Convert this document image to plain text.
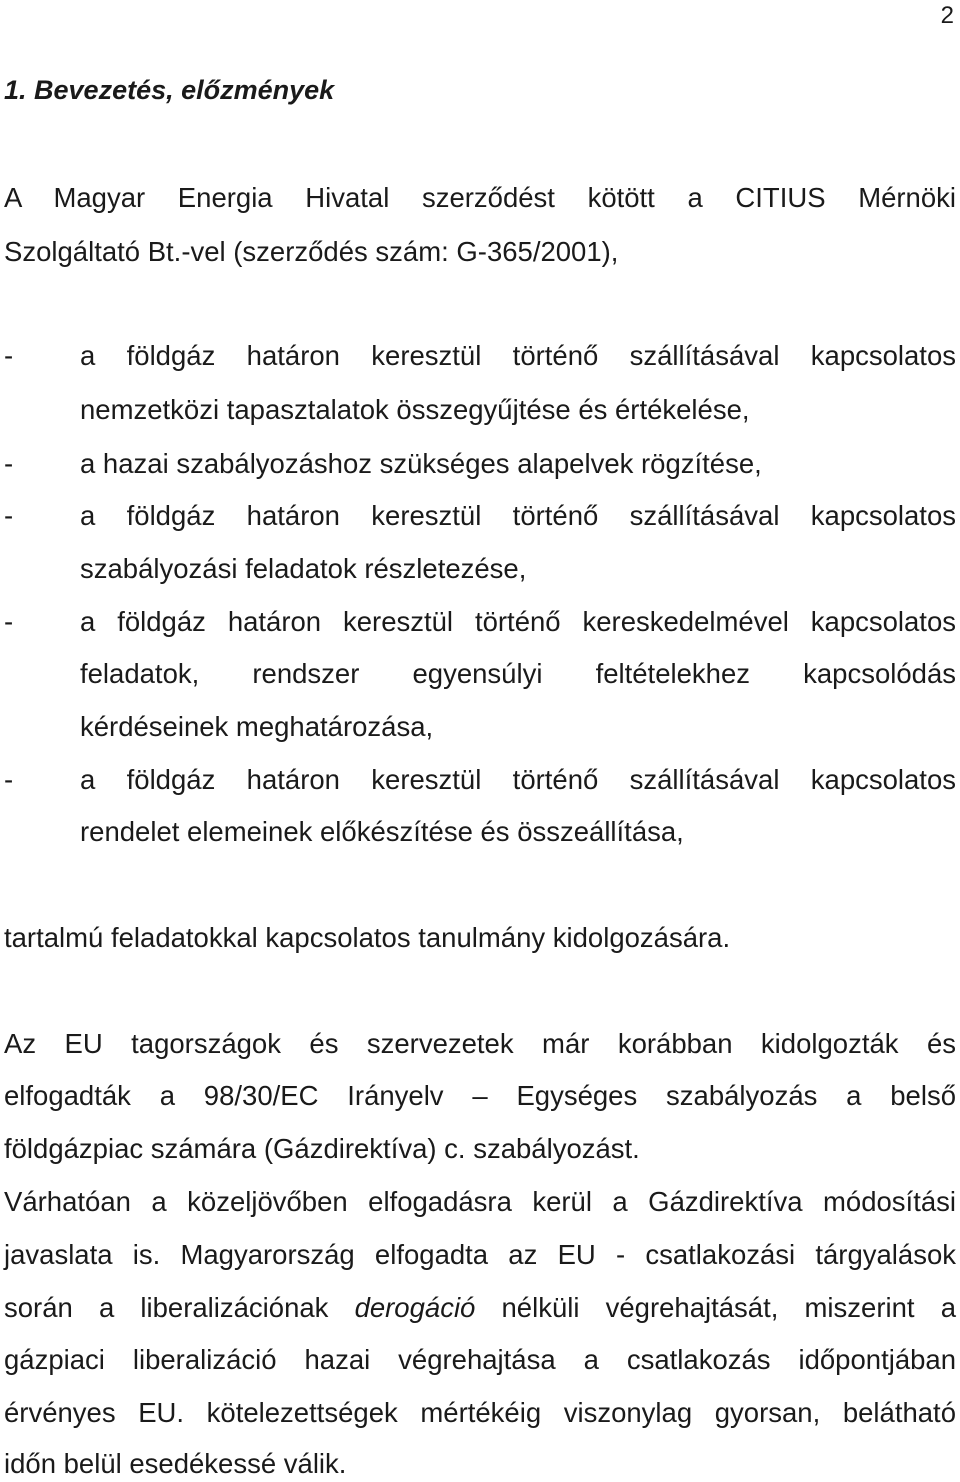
2
1. Bevezetés, előzmények
A Magyar Energia Hivatal szerződést kötött a CITIUS Mérnöki
Szolgáltató Bt.-vel (szerződés szám: G-365/2001),
- a földgáz határon keresztül történő szállításával kapcsolatos
nemzetközi tapasztalatok összegyűjtése és értékelése,
- a hazai szabályozáshoz szükséges alapelvek rögzítése,
- a földgáz határon keresztül történő szállításával kapcsolatos
szabályozási feladatok részletezése,
- a földgáz határon keresztül történő kereskedelmével kapcsolatos
feladatok, rendszer egyensúlyi feltételekhez kapcsolódás
kérdéseinek meghatározása,
- a földgáz határon keresztül történő szállításával kapcsolatos
rendelet elemeinek előkészítése és összeállítása,
tartalmú feladatokkal kapcsolatos tanulmány kidolgozására.
Az EU tagországok és szervezetek már korábban kidolgozták és
elfogadták a 98/30/EC Irányelv – Egységes szabályozás a belső
földgázpiac számára (Gázdirektíva) c. szabályozást.
Várhatóan a közeljövőben elfogadásra kerül a Gázdirektíva módosítási
javaslata is. Magyarország elfogadta az EU - csatlakozási tárgyalások
során a liberalizációnak derogáció nélküli végrehajtását, miszerint a
gázpiaci liberalizáció hazai végrehajtása a csatlakozás időpontjában
érvényes EU. kötelezettségek mértékéig viszonylag gyorsan, belátható
időn belül esedékessé válik.
